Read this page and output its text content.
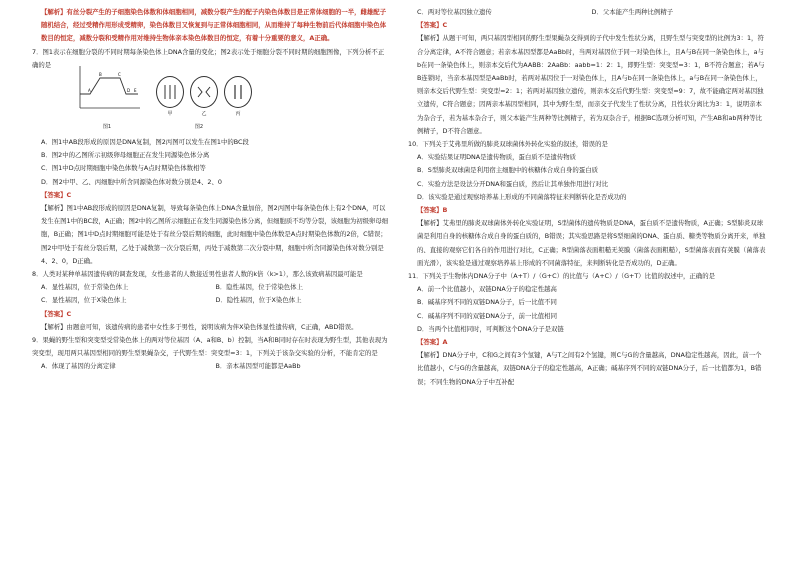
【解析】有丝分裂产生的子细胞染色体数和体细胞相同，减数分裂产生的配子内染色体数目是正常体细胞的一半，雌雄配子随机结合，经过受精作用形成受精卵，染色体数目又恢复到与正常体细胞相同，从而维持了每种生物前后代体细胞中染色体数目的恒定，减数分裂和受精作用对维持生物体亲本染色体数目的恒定，有着十分重要的意义，A正确。

7．图1表示在细胞分裂的不同时期每条染色体上DNA含量的变化；图2表示处于细胞分裂不同时期的细胞图像，下列分析不正确的是

A
B	C
D E
图1
甲	乙	丙
图2

A．图1中AB段形成的原因是DNA复制，图2丙图可以发生在图1中的BC段

B．图2中的乙图所示初级卵母细胞正在发生同源染色体分离

C．图1中D点时期细胞中染色体数与A点时期染色体数相等

D．图2中甲、乙、丙细胞中所含同源染色体对数分别是4、2、0

【答案】C

【解析】图1中AB段形成的原因是DNA复制，导致每条染色体上DNA含量加倍，图2丙图中每条染色体上有2个DNA，可以发生在图1中的BC段，A正确；图2中的乙图所示细胞正在发生同源染色体分离，但细胞质不均等分裂，该细胞为初级卵母细胞，B正确；图1中D点时期细胞可能是处于有丝分裂后期的细胞，此时细胞中染色体数是A点时期染色体数的2倍，C错误；图2中甲处于有丝分裂后期，乙处于减数第一次分裂后期，丙处于减数第二次分裂中期，细胞中所含同源染色体对数分别是4、2、0，D正确。

8．人类对某种单基因遗传病的调查发现，女性患者的人数接近男性患者人数的k倍（k>1），那么该致病基因最可能是

A．显性基因，位于常染色体上	B．隐性基因，位于常染色体上
C．显性基因，位于X染色体上	D．隐性基因，位于X染色体上

【答案】C

【解析】由题意可知，该遗传病的患者中女性多于男性，说明该病为伴X染色体显性遗传病，C正确，ABD错误。

9．果蝇的野生型和突变型受常染色体上的两对等位基因（A、a和B、b）控制，当A和B同时存在时表现为野生型，其他表现为突变型，现用两只基因型相同的野生型果蝇杂交，子代野生型：突变型=3：1，下列关于该杂交实验的分析，不能肯定的是

A．体现了基因的分离定律	B．亲本基因型可能都是AaBb
C．两对等位基因独立遗传	D．父本能产生两种比例精子

【答案】C

【解析】从题干可知，两只基因型相同的野生型果蝇杂交得到的子代中发生性状分离，且野生型与突变型的比例为3：1，符合分离定律，A不符合题意；若亲本基因型都是AaBb时，当两对基因位于同一对染色体上，且A与B在同一条染色体上，a与b在同一条染色体上，则亲本交后代为AABB：2AaBb：aabb=1：2：1，即野生型：突变型=3：1，B不符合题意；若A与B连锁时，当亲本基因型是AaBb时，若两对基因位于一对染色体上，且A与b在同一条染色体上，a与B在同一条染色体上，则亲本交后代野生型：突变型=2：1；若两对基因独立遗传，则亲本交后代野生型：突变型=9：7，故不能确定两对基因独立遗传，C符合题意；因两亲本基因型相同，其中为野生型，而亲交子代发生了性状分离，且性状分离比为3：1，说明亲本为杂合子，若为基本杂合子，则父本能产生两种等比例精子，若为双杂合子，根据BC选项分析可知，产生AB和ab两种等比例精子，D不符合题意。

10．下列关于艾弗里所做的肺炎双球菌体外转化实验的叙述，错误的是

A．实验结果证明DNA是遗传物质，蛋白质不是遗传物质

B．S型肺炎双球菌是利用宿主细胞中的核糖体合成自身的蛋白质

C．实验方法是设法分开DNA和蛋白质，然后让其单独作用进行对比

D．该实验是通过观察培养基上形成的不同菌落特征来判断转化是否成功的

【答案】B

【解析】艾弗里的肺炎双球菌体外转化实验证明，S型菌体的遗传物质是DNA，蛋白质不是遗传物质，A正确；S型肺炎双球菌是利用自身的核糖体合成自身的蛋白质的，B错误；其实验思路是将S型细菌的DNA、蛋白质、糖类等物质分离开来，单独的、直接的观察它们各自的作用进行对比，C正确；R型菌落表面粗糙无荚膜（菌落表面粗糙），S型菌落表面有荚膜（菌落表面光滑），该实验是通过观察培养基上形成的不同菌落特征，来判断转化是否成功的，D正确。

11．下列关于生物体内DNA分子中（A+T）/（G+C）的比值与（A+C）/（G+T）比值的叙述中，正确的是

A．前一个比值越小，双链DNA分子的稳定性越高

B．碱基序列不同的双链DNA分子，后一比值不同

C．碱基序列不同的双链DNA分子，前一比值相同

D．当两个比值相同时，可判断这个DNA分子是双链

【答案】A

【解析】DNA分子中，C和G之间有3个氢键，A与T之间有2个氢键，则C与G的含量越高，DNA稳定性越高，因此，前一个比值越小，C与G的含量越高，双链DNA分子的稳定性越高，A正确；碱基序列不同的双链DNA分子，后一比值都为1，B错误；不同生物的DNA分子中互补配
